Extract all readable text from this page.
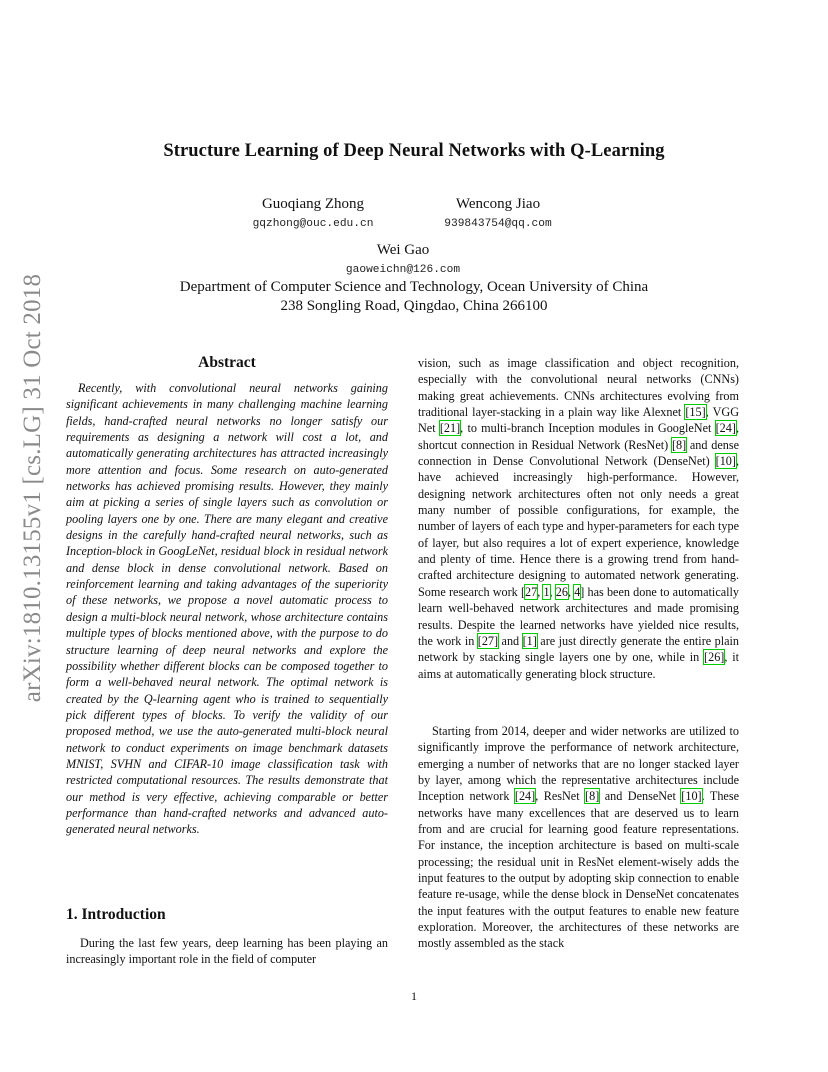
arXiv:1810.13155v1 [cs.LG] 31 Oct 2018
Structure Learning of Deep Neural Networks with Q-Learning
Guoqiang Zhong
gqzhong@ouc.edu.cn
Wencong Jiao
939843754@qq.com
Wei Gao
gaoweichn@126.com
Department of Computer Science and Technology, Ocean University of China
238 Songling Road, Qingdao, China 266100
Abstract
Recently, with convolutional neural networks gaining significant achievements in many challenging machine learning fields, hand-crafted neural networks no longer satisfy our requirements as designing a network will cost a lot, and automatically generating architectures has attracted increasingly more attention and focus. Some research on auto-generated networks has achieved promising results. However, they mainly aim at picking a series of single layers such as convolution or pooling layers one by one. There are many elegant and creative designs in the carefully hand-crafted neural networks, such as Inception-block in GoogLeNet, residual block in residual network and dense block in dense convolutional network. Based on reinforcement learning and taking advantages of the superiority of these networks, we propose a novel automatic process to design a multi-block neural network, whose architecture contains multiple types of blocks mentioned above, with the purpose to do structure learning of deep neural networks and explore the possibility whether different blocks can be composed together to form a well-behaved neural network. The optimal network is created by the Q-learning agent who is trained to sequentially pick different types of blocks. To verify the validity of our proposed method, we use the auto-generated multi-block neural network to conduct experiments on image benchmark datasets MNIST, SVHN and CIFAR-10 image classification task with restricted computational resources. The results demonstrate that our method is very effective, achieving comparable or better performance than hand-crafted networks and advanced auto-generated neural networks.
1. Introduction
During the last few years, deep learning has been playing an increasingly important role in the field of computer
vision, such as image classification and object recognition, especially with the convolutional neural networks (CNNs) making great achievements. CNNs architectures evolving from traditional layer-stacking in a plain way like Alexnet [15], VGG Net [21], to multi-branch Inception modules in GoogleNet [24], shortcut connection in Residual Network (ResNet) [8] and dense connection in Dense Convolutional Network (DenseNet) [10], have achieved increasingly high-performance. However, designing network architectures often not only needs a great many number of possible configurations, for example, the number of layers of each type and hyper-parameters for each type of layer, but also requires a lot of expert experience, knowledge and plenty of time. Hence there is a growing trend from hand-crafted architecture designing to automated network generating. Some research work [27, 1, 26, 4] has been done to automatically learn well-behaved network architectures and made promising results. Despite the learned networks have yielded nice results, the work in [27] and [1] are just directly generate the entire plain network by stacking single layers one by one, while in [26], it aims at automatically generating block structure.
Starting from 2014, deeper and wider networks are utilized to significantly improve the performance of network architecture, emerging a number of networks that are no longer stacked layer by layer, among which the representative architectures include Inception network [24], ResNet [8] and DenseNet [10]. These networks have many excellences that are deserved us to learn from and are crucial for learning good feature representations. For instance, the inception architecture is based on multi-scale processing; the residual unit in ResNet element-wisely adds the input features to the output by adopting skip connection to enable feature re-usage, while the dense block in DenseNet concatenates the input features with the output features to enable new feature exploration. Moreover, the architectures of these networks are mostly assembled as the stack
1
